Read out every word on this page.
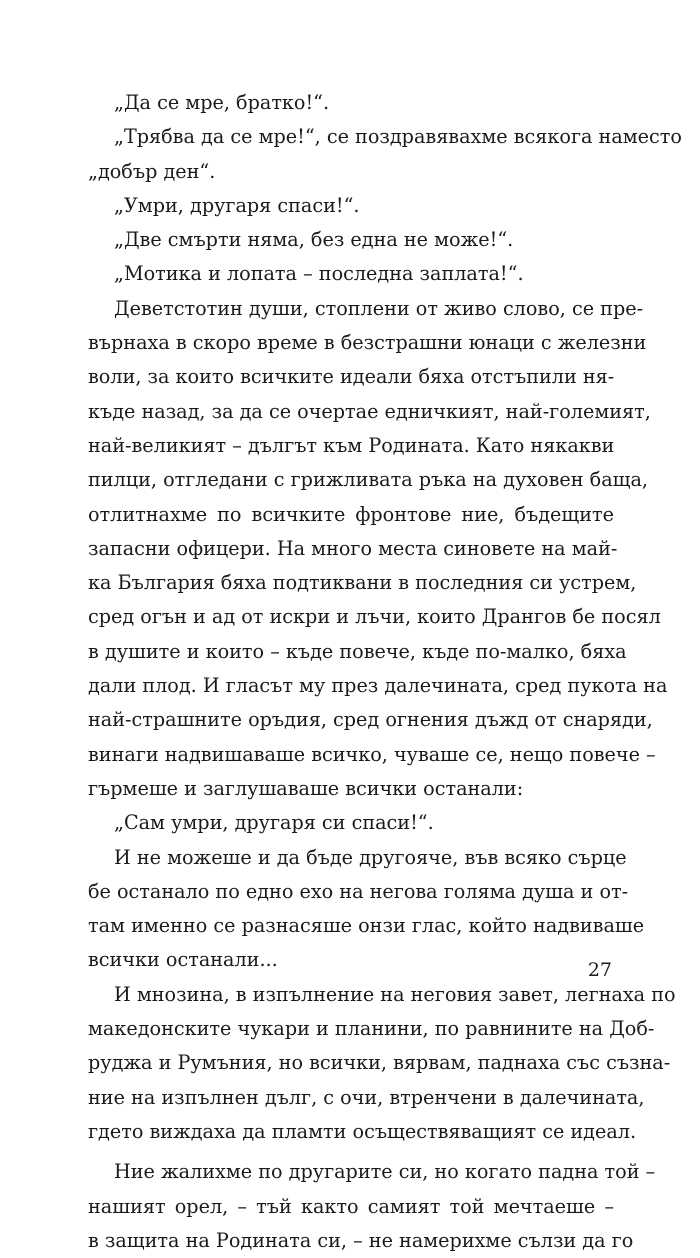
„Да се мре, братко!“.
„Трябва да се мре!“, се поздравявахме всякога наместо
„добър ден“.
„Умри, другаря спаси!“.
„Две смърти няма, без една не може!“.
„Мотика и лопата – последна заплата!“.
Деветстотин души, стоплени от живо слово, се пре-
върнаха в скоро време в безстрашни юнаци с железни
воли, за които всичките идеали бяха отстъпили ня-
къде назад, за да се очертае едничкият, най-големият,
най-великият – дългът към Родината. Като някакви
пилци, отгледани с грижливата ръка на духовен баща,
отлитнахме по всичките фронтове ние, бъдещите
запасни офицери. На много места синовете на май-
ка България бяха подтиквани в последния си устрем,
сред огън и ад от искри и лъчи, които Дрангов бе посял
в душите и които – къде повече, къде по-малко, бяха
дали плод. И гласът му през далечината, сред пукота на
най-страшните оръдия, сред огнения дъжд от снаряди,
винаги надвишаваше всичко, чуваше се, нещо повече –
гърмеше и заглушаваше всички останали:
„Сам умри, другаря си спаси!“.
И не можеше и да бъде другояче, във всяко сърце
бе останало по едно ехо на негова голяма душа и от-
там именно се разнасяше онзи глас, който надвиваше
всички останали...
И мнозина, в изпълнение на неговия завет, легнаха по
македонските чукари и планини, по равнините на Доб-
руджа и Румъния, но всички, вярвам, паднаха със съзна-
ние на изпълнен дълг, с очи, втренчени в далечината,
гдето виждаха да пламти осъществяващият се идеал.
Ние жалихме по другарите си, но когато падна той –
нашият орел, – тъй както самият той мечтаеше –
в защита на Родината си, – не намерихме сълзи да го
27
